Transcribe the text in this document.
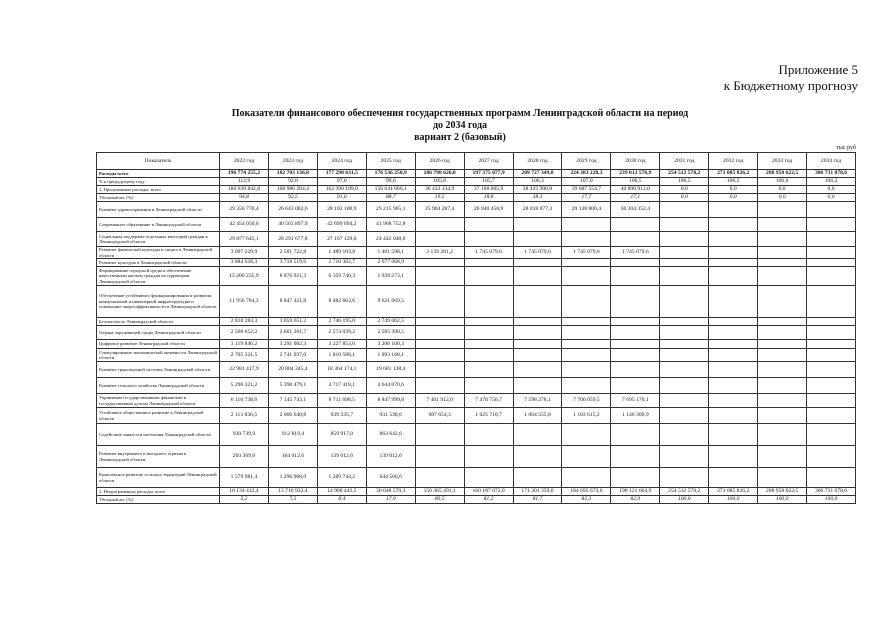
Приложение 5
к Бюджетному прогнозу
Показатели финансового обеспечения государственных программ Ленинградской области на период
до 2034 года
вариант 2 (базовый)
тыс руб
Показатель	2022 год	2023 год	2024 год	2025 год	2026 год	2027 год	2028 год	2029 год	2030 год	2031 год	2032 год	2033 год	2034 год
Расходы всего	196 774 255,2	182 703 136,8	177 298 631,5	176 536 258,9	186 798 626,0	197 375 077,9	209 727 349,8	224 383 228,3	239 012 576,9	254 512 570,2	271 085 826,2	288 958 622,5	306 731 078,6
% к предыдущему году	112,8	92,8	97,0	99,6	105,8	105,7	106,3	107,0	106,5	106,5	106,5	106,6	106,2
1. Программные расходы, всего	186 639 842,8	168 986 204,4	162 390 189,0	156 641 066,1	36 433 134,9	37 188 005,9	38 425 990,8	39 687 554,7	40 890 912,0	0,0	0,0	0,0	0,0
Удельный вес (%)	94,8	92,5	91,6	88,7	19,5	18,8	18,3	17,7	17,1	0,0	0,0	0,0	0,0
Развитие здравоохранения в Ленинградской области	29 356 770,4	26 643 082,6	28 102 100,9	29 215 965,1	25 904 287,4	26 940 458,9	28 018 077,3	29 138 800,4	30 304 352,4				
Современное образование в Ленинградской области	42 454 050,6	40 563 897,9	42 699 094,2	41 968 752,8									
Социальная поддержка отдельных категорий граждан в Ленинградской области	29 877 645,1	28 291 677,8	27 167 129,0	24 442 048,0									
Развитие физической культуры и спорта в Ленинградской области	3 097 229,9	2 501 722,8	1 489 103,8	1 401 598,1	2 139 281,2	1 745 079,6	1 745 079,6	1 745 079,6	1 745 079,6				
Развитие культуры в Ленинградской области	3 884 638,3	3 718 519,6	2 710 382,7	2 677 068,9									
Формирование городской среды и обеспечение качественным жильем граждан на территории Ленинградской области	15 200 235,9	8 876 921,3	6 359 740,3	1 928 273,1									
Обеспечение устойчивого функционирования и развития коммунальной и инженерной инфраструктуры и повышение энергоэффективности в Ленинградской области	11 956 764,3	8 847 421,8	8 482 663,6	9 621 669,5									
Безопасность Ленинградской области	2 810 283,3	3 059 651,2	2 746 195,0	2 749 062,5									
Охрана окружающей среды Ленинградской области	2 560 652,2	2 661 281,7	2 574 039,2	2 585 390,5									
Цифровое развитие Ленинградской области	3 119 846,2	3 291 082,3	3 227 853,0	3 206 100,3									
Стимулирование экономической активности Ленинградской области	2 705 321,5	2 741 937,0	1 810 588,1	1 093 168,1									
Развитие транспортной системы Ленинградской области	22 981 417,9	20 804 345,4	18 364 174,1	19 681 138,4									
Развитие сельского хозяйства Ленинградской области	5 296 321,2	5 398 479,1	4 717 418,1	4 644 070,6									
Управление государственными финансами и государственным долгом Ленинградской области	6 110 738,6	7 145 743,1	8 711 698,5	8 847 999,8	7 401 912,0	7 476 756,7	7 598 278,1	7 700 059,5	7 695 170,1				
Устойчивое общественное развитие в Ленинградской области	2 113 836,5	2 066 640,8	939 335,7	931 538,6	987 654,3	1 025 710,7	1 064 555,8	1 103 615,2	1 146 309,9				
Содействие занятости населения Ленинградской области	930 739,9	912 819,4	859 917,0	863 642,6									
Развитие внутреннего и въездного туризма в Ленинградской области	203 369,6	164 012,6	139 012,6	139 012,6									
Комплексное развитие сельских территорий Ленинградской области	1 579 981,4	1 296 968,0	1 289 743,2	644 566,6									
2. Непрограммные расходы, всего	10 134 412,4	13 716 932,4	14 908 442,5	30 048 570,3	150 365 491,1	160 187 072,0	171 301 359,0	184 695 673,6	198 121 664,9	254 512 570,2	271 085 826,2	288 958 622,5	306 731 078,6
Удельный вес (%)	5,2	7,5	8,4	17,0	80,5	81,2	81,7	82,3	82,9	100,0	100,0	100,0	100,0
